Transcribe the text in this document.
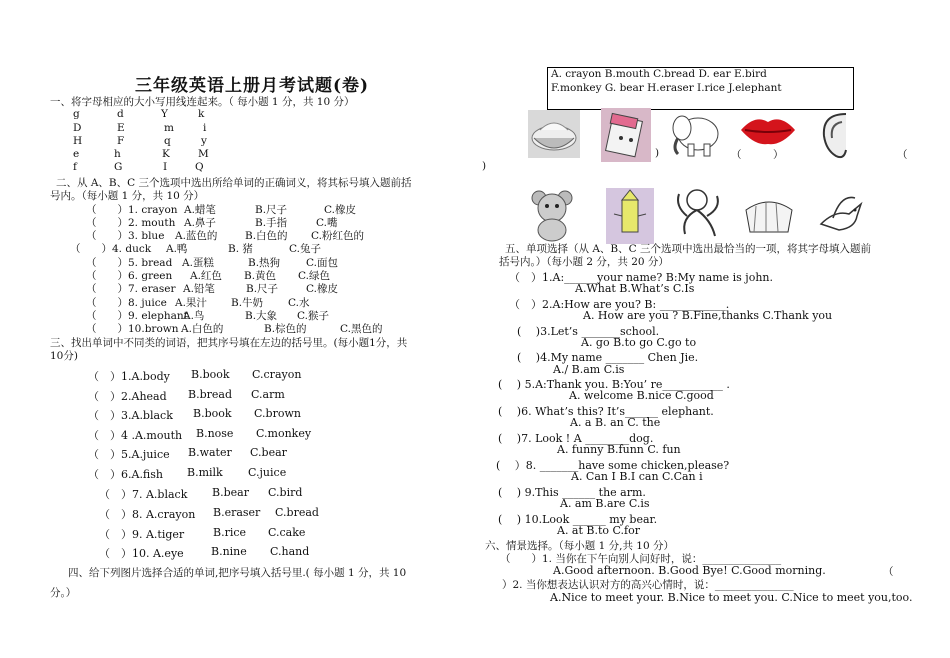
三年级英语上册月考试题(卷)
一、将字母相应的大小写用线连起来。（ 每小题 1 分，共 10 分）
g	d	Y	k
D	E	m	i
H	F	q	y
e	h	K	M
f	G	I	Q
二、从 A、B、C 三个选项中选出所给单词的正确词义，将其标号填入题前括
号内。（每小题 1 分，共 10 分）
（　　）1. crayon A.蜡笔	B.尺子	C.橡皮
（　　）2. mouth A.鼻子	B.手指	C.嘴
（　　）3. blue A.蓝色的	B.白色的 C.粉红色的
（　　）4. duck A.鸭	B. 猪	C.兔子
（　　）5. bread A.蛋糕	B.热狗 C.面包
（　　）6. green A.红色 B.黄色 C.绿色
（　　）7. eraser A.铅笔	B.尺子	C.橡皮
（　　）8. juice A.果汁 B.牛奶 C.水
（　　）9. elephant
A.鸟	B.大象 C.猴子
（　　）10.brown A.白色的	B.棕色的	C.黑色的
三、找出单词中不同类的词语，把其序号填在左边的括号里。(每小题1分，共
10分)
（　）1.A.body B.book C.crayon
（　）2.Ahead B.bread C.arm
（　）3.A.black B.book C.brown
（　）4 .A.mouth B.nose C.monkey
（　）5.A.juice B.water C.bear
（　）6.A.fish B.milk C.juice
（　）7. A.black B.bear C.bird
（　）8. A.crayon B.eraser C.bread
（　）9. A.tiger	B.rice C.cake
（　）10. A.eye B.nine C.hand
四、给下列图片选择合适的单词,把序号填入括号里.( 每小题 1 分，共 10
分。）
A. crayon B.mouth C.bread D. ear E.bird
F.monkey G. bear H.eraser I.rice J.elephant
)	（　　　）	（
)
五、单项选择（从 A、B、C 三个选项中选出最恰当的一项，将其字母填入题前
括号内。）（每小题 2 分，共 20 分）
（　）1.A:______your name? B:My name is john.
A.What B.What’s C.Is
（　）2.A:How are you? B: ____________.
A. How are you ? B.Fine,thanks C.Thank you
(　 )3.Let’s _______school.
A. go B.to go C.go to
(　 )4.My name _______ Chen Jie.
A./ B.am C.is
(　 ) 5.A:Thank you. B:You’ re___________ .
A. welcome B.nice C.good
(　 )6. What’s this? It’s______ elephant.
A. a B. an C. the
(　 )7. Look ! A ________dog.
A. funny B.funn C. fun
(　 ）8. _______have some chicken,please?
A. Can I B.I can C.Can i
(　 ) 9.This ______ the arm.
A. am B.are C.is
(　 ) 10.Look ______ my bear.
A. at B.to C.for
六、情景选择。（每小题 1 分,共 10 分）
（　　）1. 当你在下午向别人问好时，说：_______________
A.Good afternoon. B.Good Bye! C.Good morning.	（
）2. 当你想表达认识对方的高兴心情时，说：_______________
A.Nice to meet your. B.Nice to meet you. C.Nice to meet you,too.
